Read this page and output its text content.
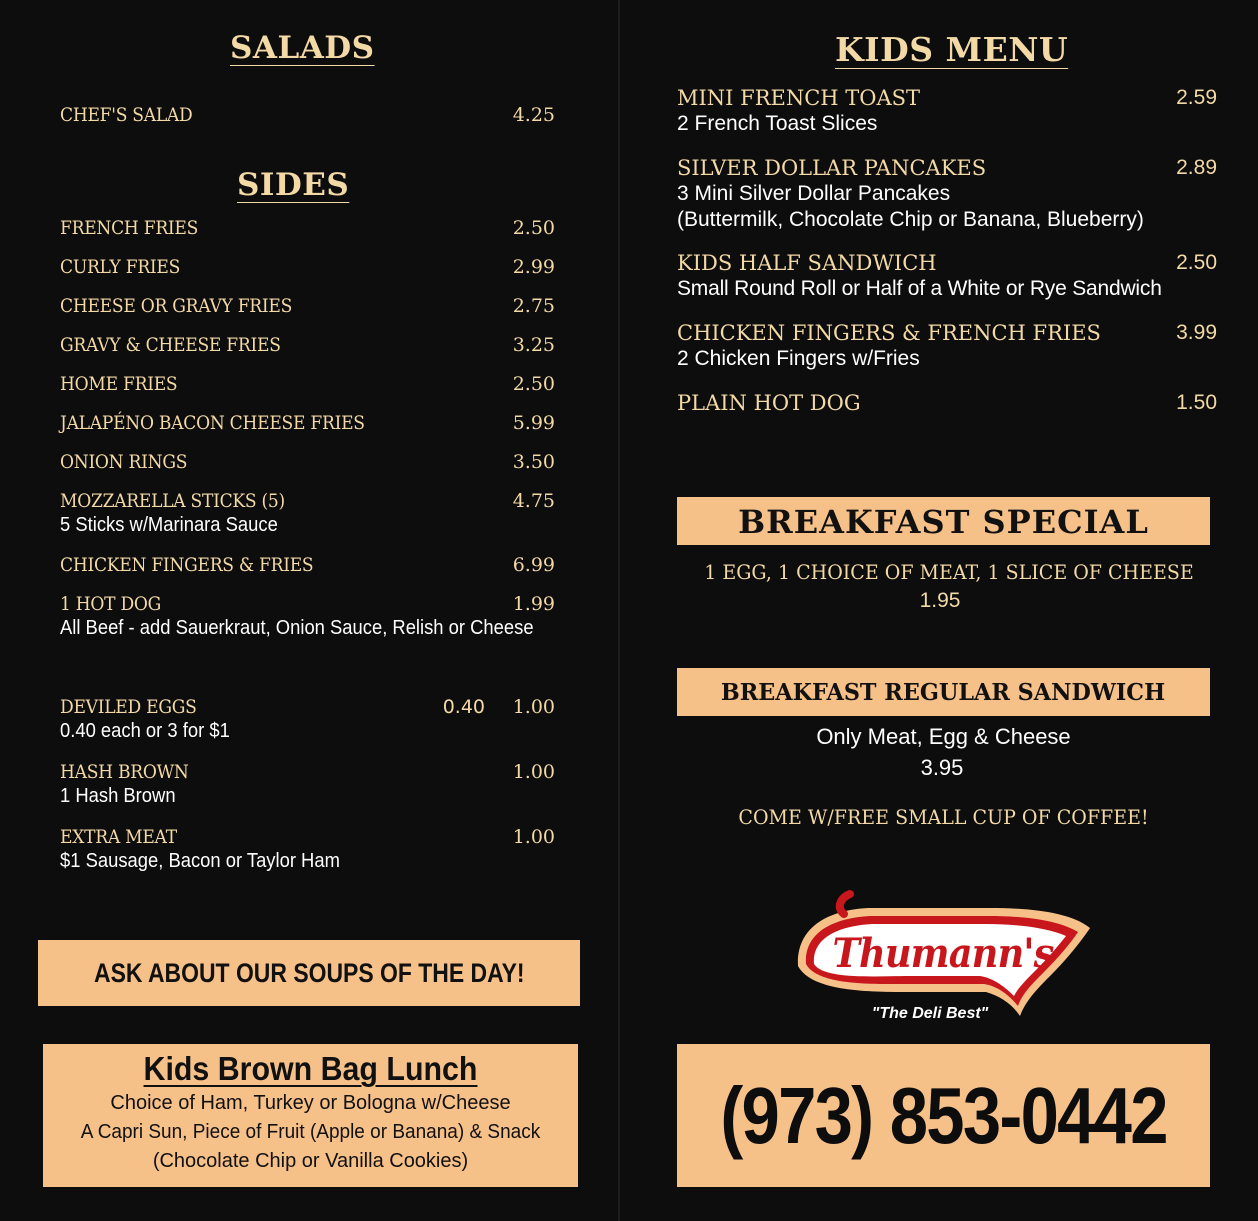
SALADS
CHEF'S SALAD	4.25
SIDES
FRENCH FRIES	2.50
CURLY FRIES	2.99
CHEESE OR GRAVY FRIES	2.75
GRAVY & CHEESE FRIES	3.25
HOME FRIES	2.50
JALAPÉNO BACON CHEESE FRIES	5.99
ONION RINGS	3.50
MOZZARELLA STICKS (5)	4.75
5 Sticks w/Marinara Sauce
CHICKEN FINGERS & FRIES	6.99
1 HOT DOG	1.99
All Beef - add Sauerkraut, Onion Sauce, Relish or Cheese
DEVILED EGGS	0.40 1.00
0.40 each or 3 for $1
HASH BROWN	1.00
1 Hash Brown
EXTRA MEAT	1.00
$1 Sausage, Bacon or Taylor Ham
ASK ABOUT OUR SOUPS OF THE DAY!
Kids Brown Bag Lunch
Choice of Ham, Turkey or Bologna w/Cheese
A Capri Sun, Piece of Fruit (Apple or Banana) & Snack
(Chocolate Chip or Vanilla Cookies)
KIDS MENU
MINI FRENCH TOAST	2.59
2 French Toast Slices
SILVER DOLLAR PANCAKES	2.89
3 Mini Silver Dollar Pancakes
(Buttermilk, Chocolate Chip or Banana, Blueberry)
KIDS HALF SANDWICH	2.50
Small Round Roll or Half of a White or Rye Sandwich
CHICKEN FINGERS & FRENCH FRIES	3.99
2 Chicken Fingers w/Fries
PLAIN HOT DOG	1.50
BREAKFAST SPECIAL
1 EGG, 1 CHOICE OF MEAT, 1 SLICE OF CHEESE
1.95
BREAKFAST REGULAR SANDWICH
Only Meat, Egg & Cheese
3.95
COME W/FREE SMALL CUP OF COFFEE!
Thumann's
"The Deli Best"
(973) 853-0442
